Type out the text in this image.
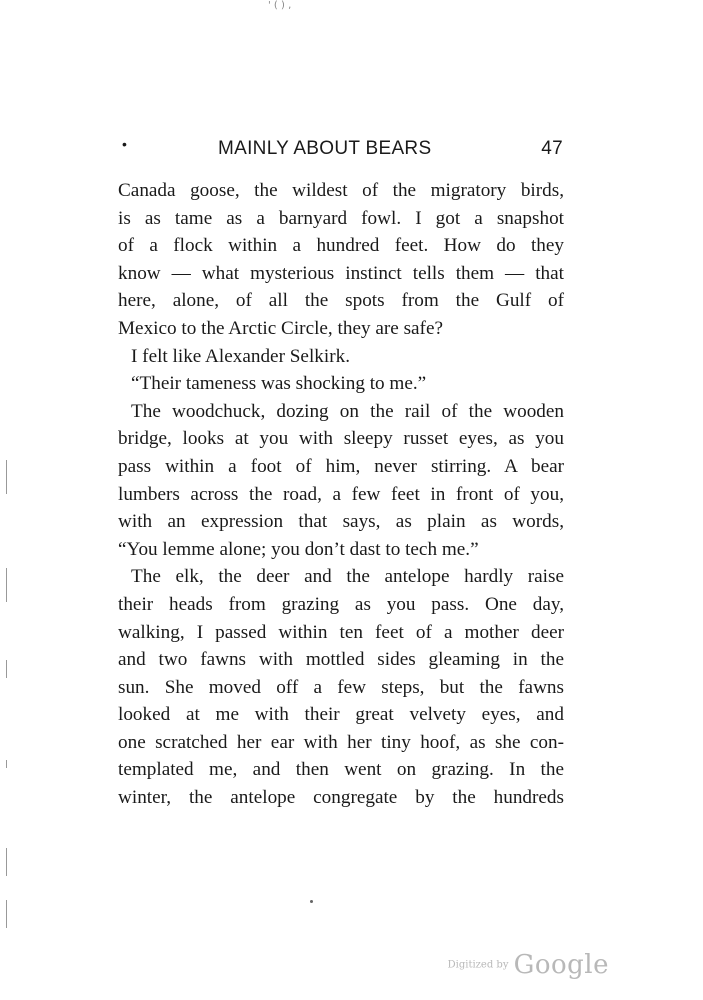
' ( ) ,
•	MAINLY ABOUT BEARS	47
Canada goose, the wildest of the migratory birds,
is as tame as a barnyard fowl. I got a snapshot
of a flock within a hundred feet. How do they
know — what mysterious instinct tells them — that
here, alone, of all the spots from the Gulf of
Mexico to the Arctic Circle, they are safe?
I felt like Alexander Selkirk.
“Their tameness was shocking to me.”
The woodchuck, dozing on the rail of the wooden
bridge, looks at you with sleepy russet eyes, as you
pass within a foot of him, never stirring. A bear
lumbers across the road, a few feet in front of you,
with an expression that says, as plain as words,
“You lemme alone; you don’t dast to tech me.”
The elk, the deer and the antelope hardly raise
their heads from grazing as you pass. One day,
walking, I passed within ten feet of a mother deer
and two fawns with mottled sides gleaming in the
sun. She moved off a few steps, but the fawns
looked at me with their great velvety eyes, and
one scratched her ear with her tiny hoof, as she con-
templated me, and then went on grazing. In the
winter, the antelope congregate by the hundreds
Digitized by Google
